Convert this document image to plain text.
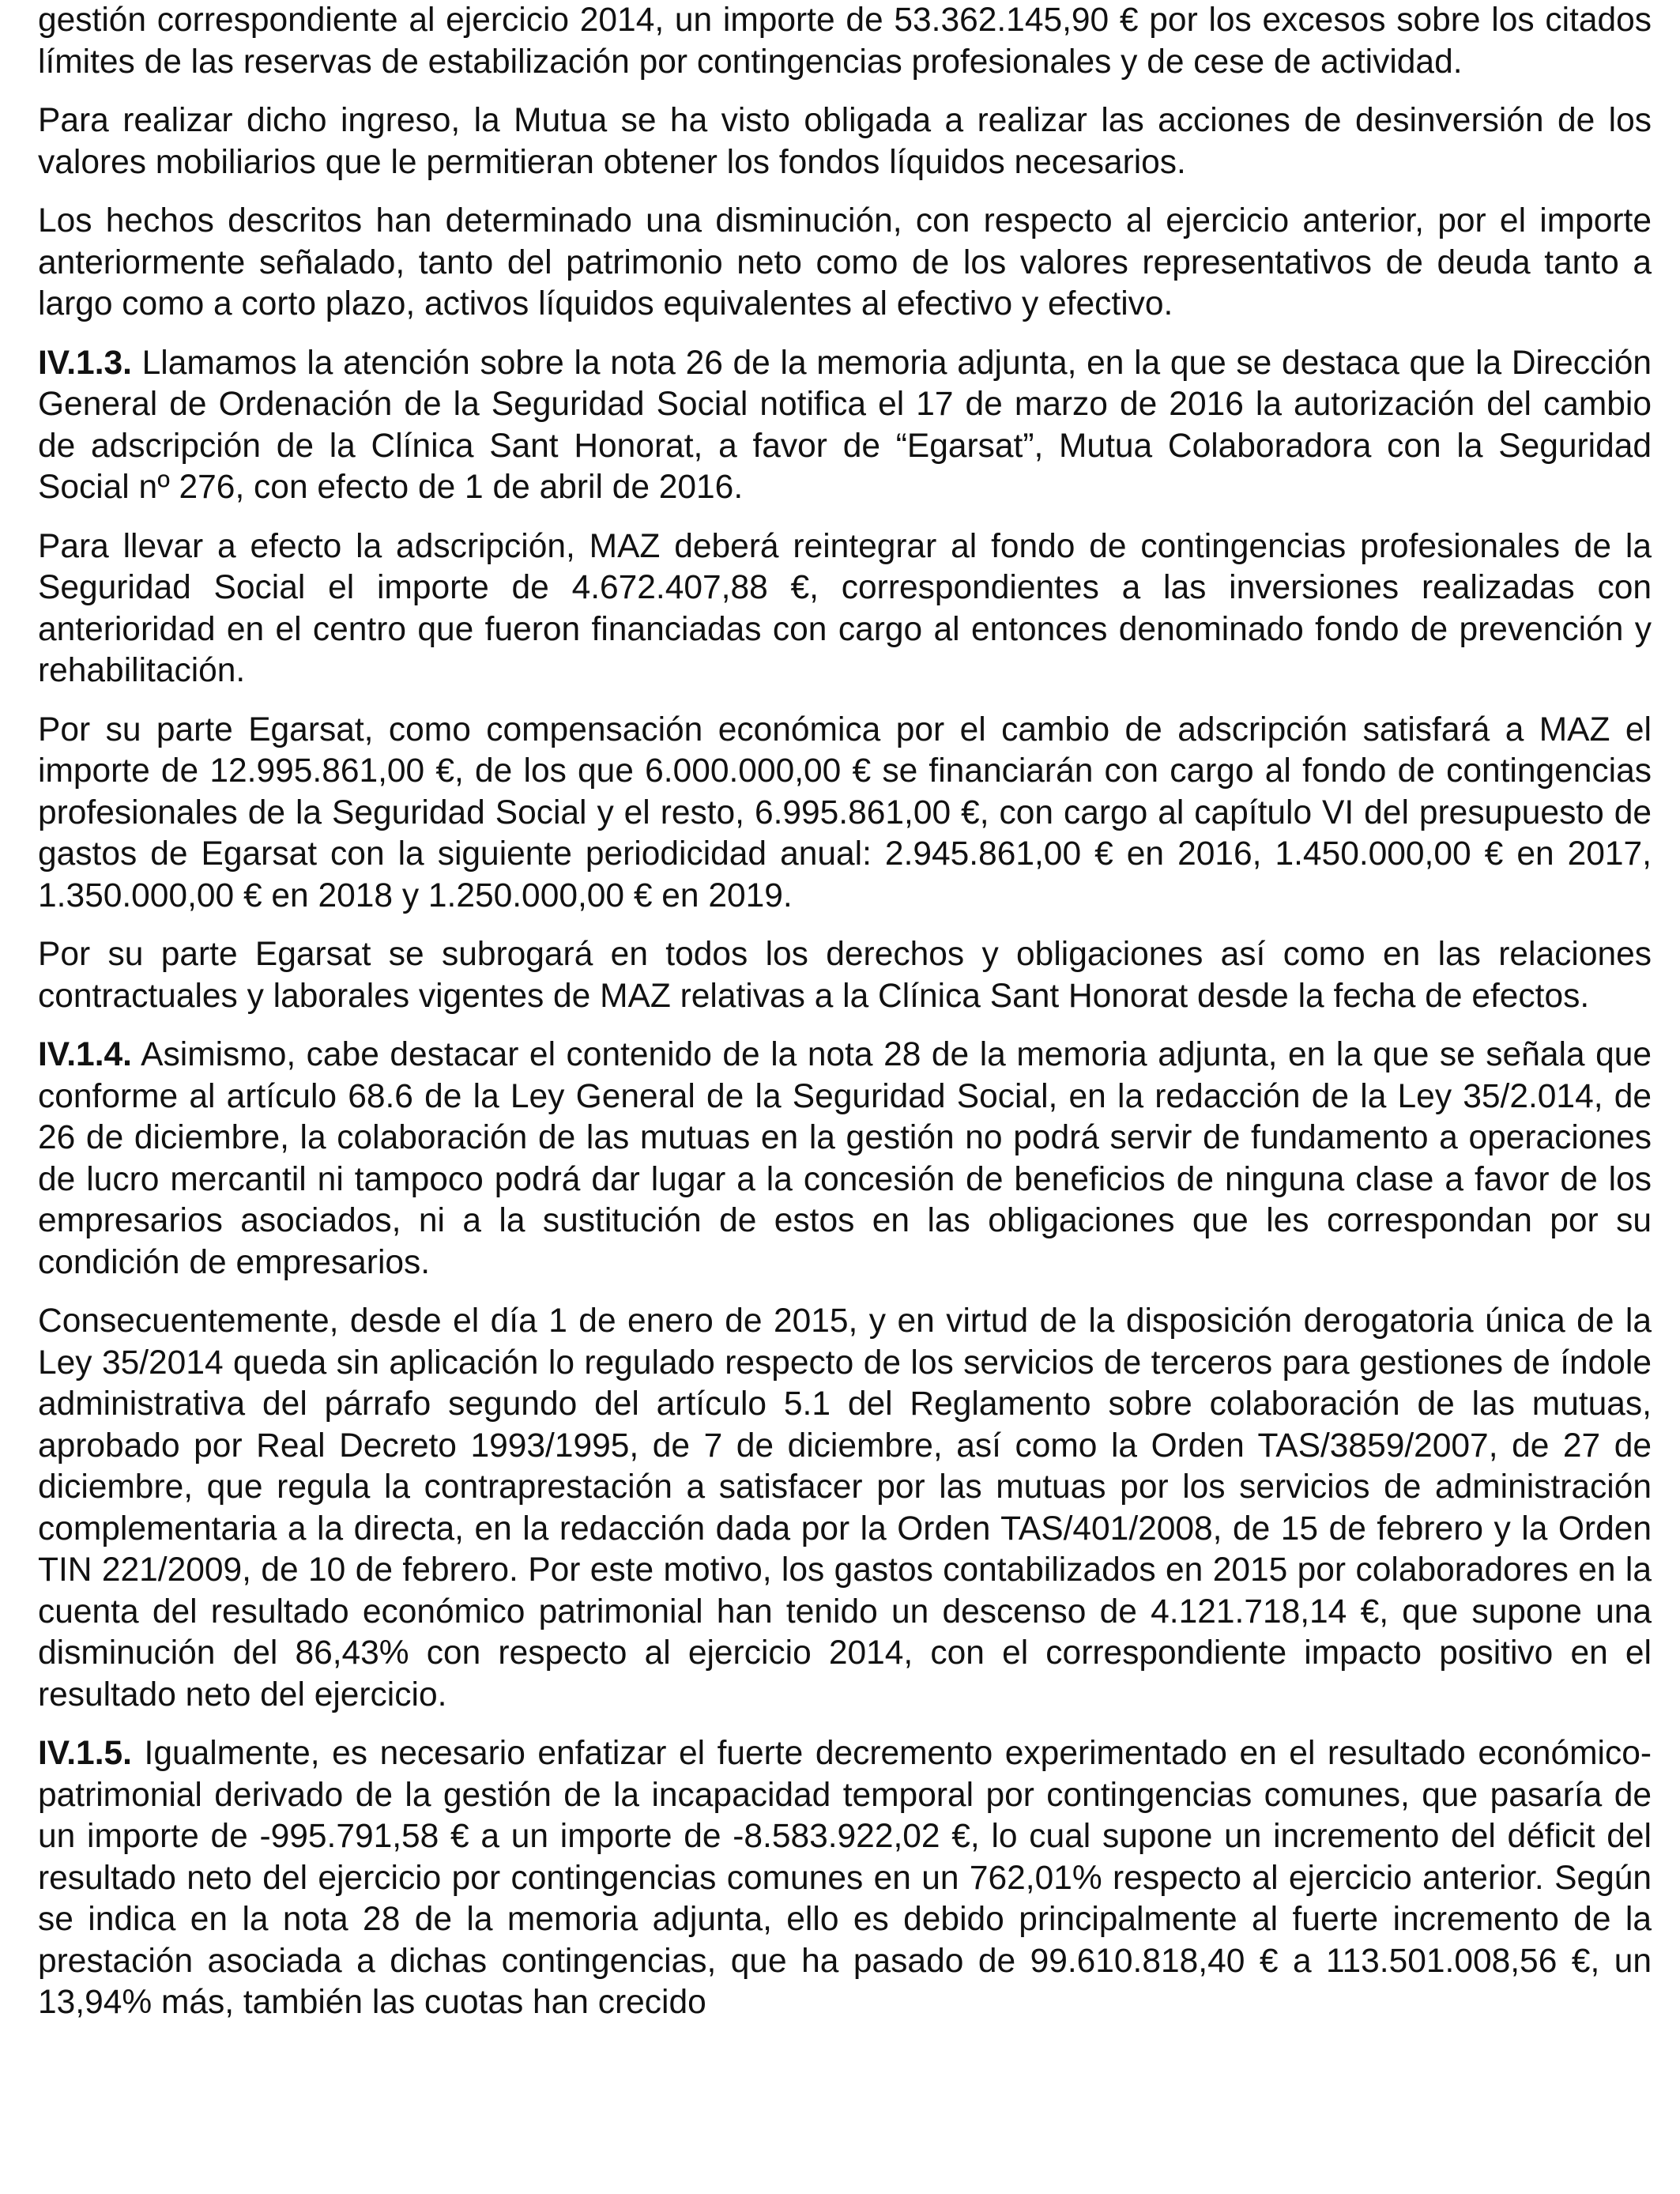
gestión correspondiente al ejercicio 2014, un importe de 53.362.145,90 € por los excesos sobre los citados límites de las reservas de estabilización por contingencias profesionales y de cese de actividad.

Para realizar dicho ingreso, la Mutua se ha visto obligada a realizar las acciones de desinversión de los valores mobiliarios que le permitieran obtener los fondos líquidos necesarios.

Los hechos descritos han determinado una disminución, con respecto al ejercicio anterior, por el importe anteriormente señalado, tanto del patrimonio neto como de los valores representativos de deuda tanto a largo como a corto plazo, activos líquidos equivalentes al efectivo y efectivo.

IV.1.3. Llamamos la atención sobre la nota 26 de la memoria adjunta, en la que se destaca que la Dirección General de Ordenación de la Seguridad Social notifica el 17 de marzo de 2016 la autorización del cambio de adscripción de la Clínica Sant Honorat, a favor de “Egarsat”, Mutua Colaboradora con la Seguridad Social nº 276, con efecto de 1 de abril de 2016.

Para llevar a efecto la adscripción, MAZ deberá reintegrar al fondo de contingencias profesionales de la Seguridad Social el importe de 4.672.407,88 €, correspondientes a las inversiones realizadas con anterioridad en el centro que fueron financiadas con cargo al entonces denominado fondo de prevención y rehabilitación.

Por su parte Egarsat, como compensación económica por el cambio de adscripción satisfará a MAZ el importe de 12.995.861,00 €, de los que 6.000.000,00 € se financiarán con cargo al fondo de contingencias profesionales de la Seguridad Social y el resto, 6.995.861,00 €, con cargo al capítulo VI del presupuesto de gastos de Egarsat con la siguiente periodicidad anual: 2.945.861,00 € en 2016, 1.450.000,00 € en 2017, 1.350.000,00 € en 2018 y 1.250.000,00 € en 2019.

Por su parte Egarsat se subrogará en todos los derechos y obligaciones así como en las relaciones contractuales y laborales vigentes de MAZ relativas a la Clínica Sant Honorat desde la fecha de efectos.

IV.1.4. Asimismo, cabe destacar el contenido de la nota 28 de la memoria adjunta, en la que se señala que conforme al artículo 68.6 de la Ley General de la Seguridad Social, en la redacción de la Ley 35/2.014, de 26 de diciembre, la colaboración de las mutuas en la gestión no podrá servir de fundamento a operaciones de lucro mercantil ni tampoco podrá dar lugar a la concesión de beneficios de ninguna clase a favor de los empresarios asociados, ni a la sustitución de estos en las obligaciones que les correspondan por su condición de empresarios.

Consecuentemente, desde el día 1 de enero de 2015, y en virtud de la disposición derogatoria única de la Ley 35/2014 queda sin aplicación lo regulado respecto de los servicios de terceros para gestiones de índole administrativa del párrafo segundo del artículo 5.1 del Reglamento sobre colaboración de las mutuas, aprobado por Real Decreto 1993/1995, de 7 de diciembre, así como la Orden TAS/3859/2007, de 27 de diciembre, que regula la contraprestación a satisfacer por las mutuas por los servicios de administración complementaria a la directa, en la redacción dada por la Orden TAS/401/2008, de 15 de febrero y la Orden TIN 221/2009, de 10 de febrero. Por este motivo, los gastos contabilizados en 2015 por colaboradores en la cuenta del resultado económico patrimonial han tenido un descenso de 4.121.718,14 €, que supone una disminución del 86,43% con respecto al ejercicio 2014, con el correspondiente impacto positivo en el resultado neto del ejercicio.

IV.1.5. Igualmente, es necesario enfatizar el fuerte decremento experimentado en el resultado económico-patrimonial derivado de la gestión de la incapacidad temporal por contingencias comunes, que pasaría de un importe de -995.791,58 € a un importe de -8.583.922,02 €, lo cual supone un incremento del déficit del resultado neto del ejercicio por contingencias comunes en un 762,01% respecto al ejercicio anterior. Según se indica en la nota 28 de la memoria adjunta, ello es debido principalmente al fuerte incremento de la prestación asociada a dichas contingencias, que ha pasado de 99.610.818,40 € a 113.501.008,56 €, un 13,94% más, también las cuotas han crecido
